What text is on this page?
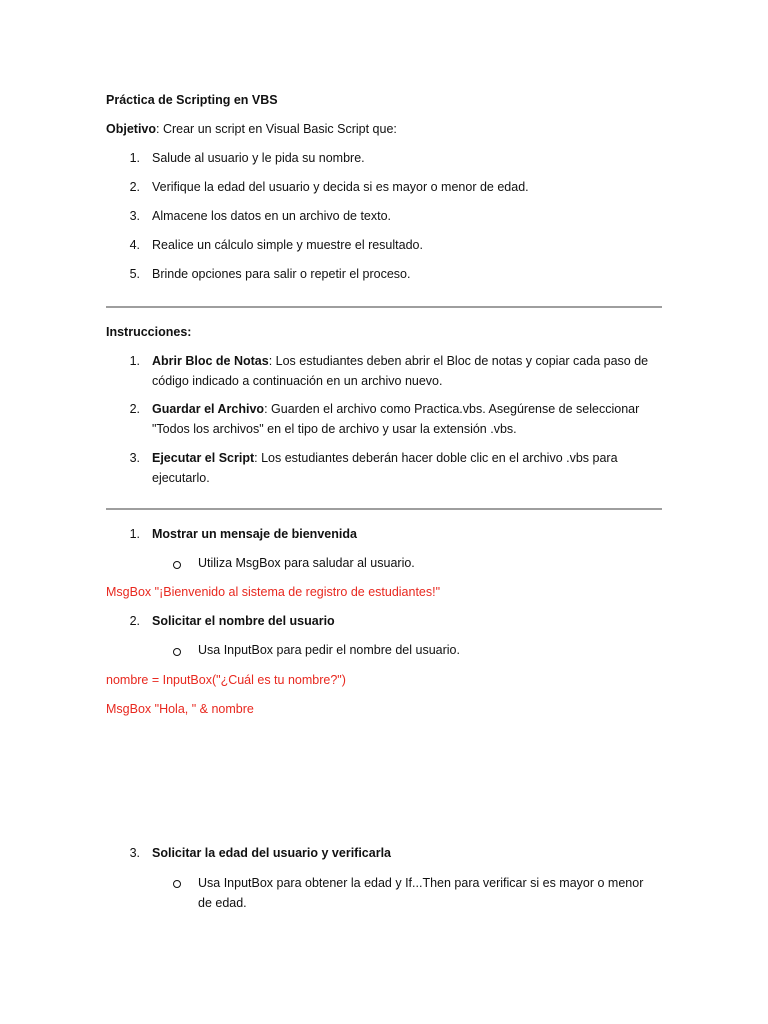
Práctica de Scripting en VBS
Objetivo: Crear un script en Visual Basic Script que:
1. Salude al usuario y le pida su nombre.
2. Verifique la edad del usuario y decida si es mayor o menor de edad.
3. Almacene los datos en un archivo de texto.
4. Realice un cálculo simple y muestre el resultado.
5. Brinde opciones para salir o repetir el proceso.
Instrucciones:
1. Abrir Bloc de Notas: Los estudiantes deben abrir el Bloc de notas y copiar cada paso de código indicado a continuación en un archivo nuevo.
2. Guardar el Archivo: Guarden el archivo como Practica.vbs. Asegúrense de seleccionar "Todos los archivos" en el tipo de archivo y usar la extensión .vbs.
3. Ejecutar el Script: Los estudiantes deberán hacer doble clic en el archivo .vbs para ejecutarlo.
1. Mostrar un mensaje de bienvenida
Utiliza MsgBox para saludar al usuario.
MsgBox "¡Bienvenido al sistema de registro de estudiantes!"
2. Solicitar el nombre del usuario
Usa InputBox para pedir el nombre del usuario.
nombre = InputBox("¿Cuál es tu nombre?")
MsgBox "Hola, " & nombre
3. Solicitar la edad del usuario y verificarla
Usa InputBox para obtener la edad y If...Then para verificar si es mayor o menor de edad.
